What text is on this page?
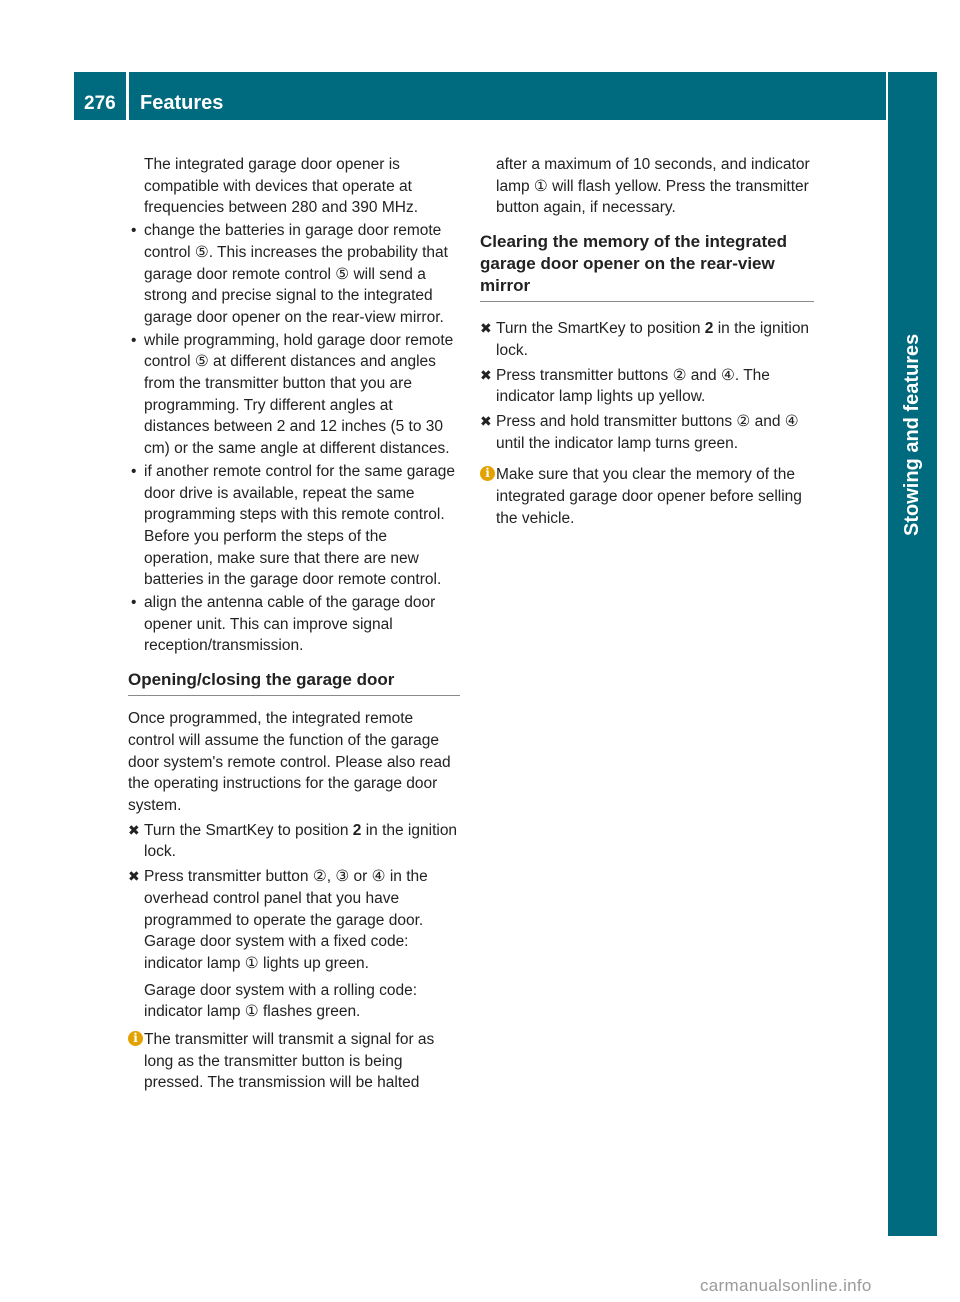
276 Features
Stowing and features

The integrated garage door opener is compatible with devices that operate at frequencies between 280 and 390 MHz.

• change the batteries in garage door remote control ⑤. This increases the probability that garage door remote control ⑤ will send a strong and precise signal to the integrated garage door opener on the rear-view mirror.
• while programming, hold garage door remote control ⑤ at different distances and angles from the transmitter button that you are programming. Try different angles at distances between 2 and 12 inches (5 to 30 cm) or the same angle at different distances.
• if another remote control for the same garage door drive is available, repeat the same programming steps with this remote control. Before you perform the steps of the operation, make sure that there are new batteries in the garage door remote control.
• align the antenna cable of the garage door opener unit. This can improve signal reception/transmission.
Opening/closing the garage door

Once programmed, the integrated remote control will assume the function of the garage door system's remote control. Please also read the operating instructions for the garage door system.

✖ Turn the SmartKey to position 2 in the ignition lock.
✖ Press transmitter button ②, ③ or ④ in the overhead control panel that you have programmed to operate the garage door. Garage door system with a fixed code: indicator lamp ① lights up green.

Garage door system with a rolling code: indicator lamp ① flashes green.

i The transmitter will transmit a signal for as long as the transmitter button is being pressed. The transmission will be halted

after a maximum of 10 seconds, and indicator lamp ① will flash yellow. Press the transmitter button again, if necessary.

Clearing the memory of the integrated garage door opener on the rear-view mirror
✖ Turn the SmartKey to position 2 in the ignition lock.
✖ Press transmitter buttons ② and ④. The indicator lamp lights up yellow.
✖ Press and hold transmitter buttons ② and ④ until the indicator lamp turns green.
i Make sure that you clear the memory of the integrated garage door opener before selling the vehicle.
carmanualsonline.info
